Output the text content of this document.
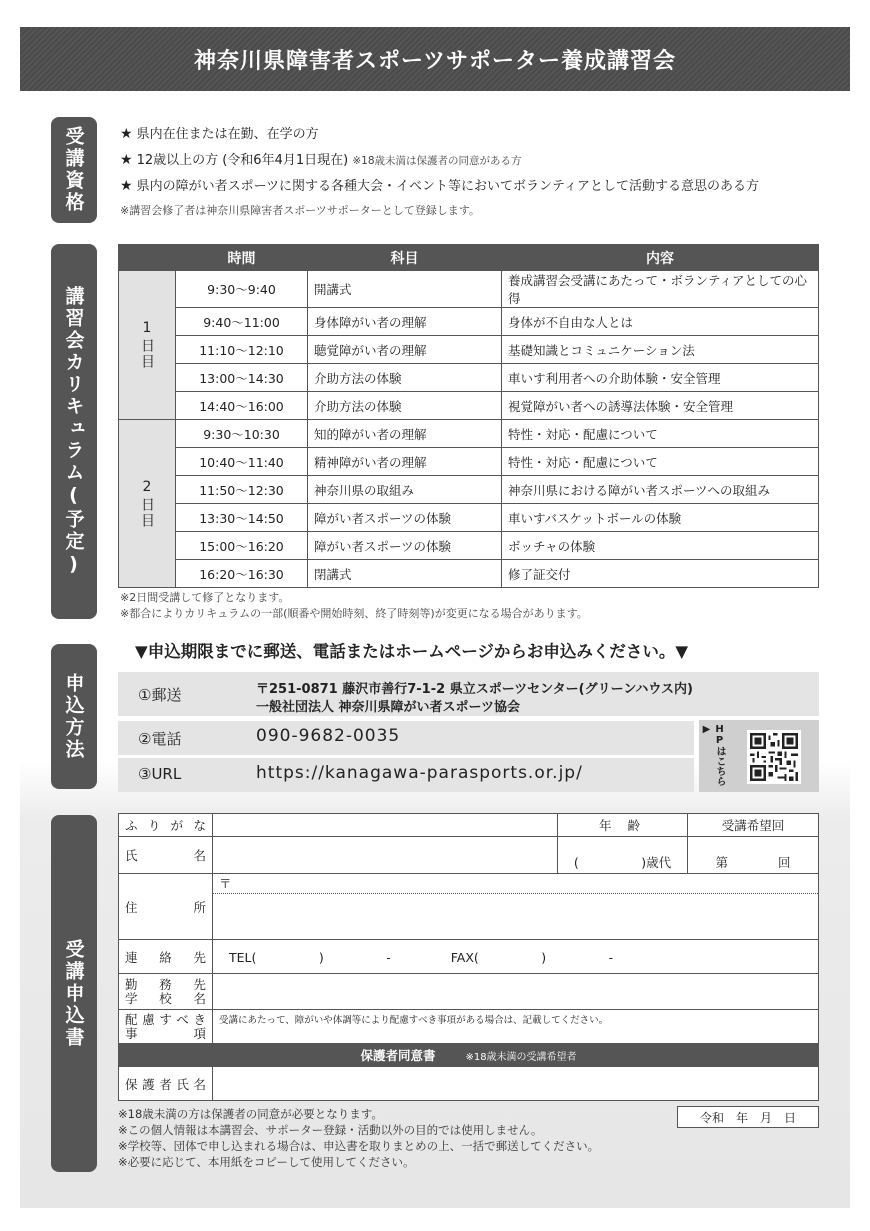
神奈川県障害者スポーツサポーター養成講習会
受講資格
講習会カリキュラム(予定)
申込方法
受講申込書
★ 県内在住または在勤、在学の方
★ 12歳以上の方 (令和6年4月1日現在) ※18歳未満は保護者の同意がある方
★ 県内の障がい者スポーツに関する各種大会・イベント等においてボランティアとして活動する意思のある方
※講習会修了者は神奈川県障害者スポーツサポーターとして登録します。
	時間	科目	内容
1日目	9:30〜9:40	開講式	養成講習会受講にあたって・ボランティアとしての心得
	9:40〜11:00	身体障がい者の理解	身体が不自由な人とは
	11:10〜12:10	聴覚障がい者の理解	基礎知識とコミュニケーション法
	13:00〜14:30	介助方法の体験	車いす利用者への介助体験・安全管理
	14:40〜16:00	介助方法の体験	視覚障がい者への誘導法体験・安全管理
2日目	9:30〜10:30	知的障がい者の理解	特性・対応・配慮について
	10:40〜11:40	精神障がい者の理解	特性・対応・配慮について
	11:50〜12:30	神奈川県の取組み	神奈川県における障がい者スポーツへの取組み
	13:30〜14:50	障がい者スポーツの体験	車いすバスケットボールの体験
	15:00〜16:20	障がい者スポーツの体験	ボッチャの体験
	16:20〜16:30	閉講式	修了証交付
※2日間受講して修了となります。
※都合によりカリキュラムの一部(順番や開始時刻、終了時刻等)が変更になる場合があります。
▼申込期限までに郵送、電話またはホームページからお申込みください。▼
①郵送	〒251-0871 藤沢市善行7-1-2 県立スポーツセンター(グリーンハウス内)
一般社団法人 神奈川県障がい者スポーツ協会
②電話	090-9682-0035
③URL	https://kanagawa-parasports.or.jp/	HPはこちら▶
ふりがな		年 齢	受講希望回
氏 名		(　　　　　)歳代	第　　　　回
住 所	〒		

連絡先	TEL(　　　　　)　　　　　- FAX(　　　　　)　　　　　-		

勤務先
学校名			

配慮すべき
事 項	受講にあたって、障がいや体調等により配慮すべき事項がある場合は、記載してください。		
保護者同意書 ※18歳未満の受講希望者			
保護者氏名			
※18歳未満の方は保護者の同意が必要となります。
※この個人情報は本講習会、サポーター登録・活動以外の目的では使用しません。
※学校等、団体で申し込まれる場合は、申込書を取りまとめの上、一括で郵送してください。
※必要に応じて、本用紙をコピーして使用してください。
令和　年　月　日
